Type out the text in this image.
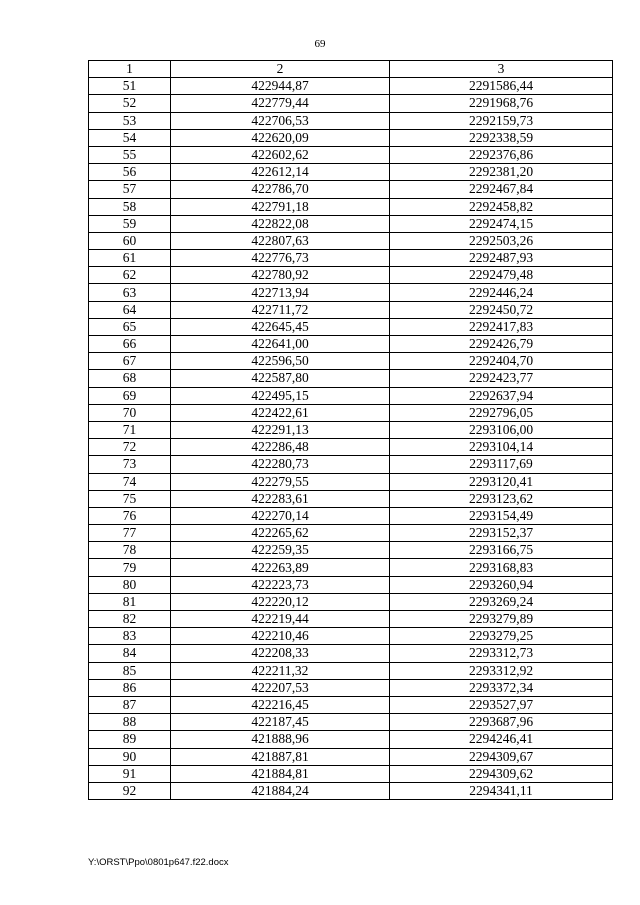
69
1	2	3
51	422944,87	2291586,44
52	422779,44	2291968,76
53	422706,53	2292159,73
54	422620,09	2292338,59
55	422602,62	2292376,86
56	422612,14	2292381,20
57	422786,70	2292467,84
58	422791,18	2292458,82
59	422822,08	2292474,15
60	422807,63	2292503,26
61	422776,73	2292487,93
62	422780,92	2292479,48
63	422713,94	2292446,24
64	422711,72	2292450,72
65	422645,45	2292417,83
66	422641,00	2292426,79
67	422596,50	2292404,70
68	422587,80	2292423,77
69	422495,15	2292637,94
70	422422,61	2292796,05
71	422291,13	2293106,00
72	422286,48	2293104,14
73	422280,73	2293117,69
74	422279,55	2293120,41
75	422283,61	2293123,62
76	422270,14	2293154,49
77	422265,62	2293152,37
78	422259,35	2293166,75
79	422263,89	2293168,83
80	422223,73	2293260,94
81	422220,12	2293269,24
82	422219,44	2293279,89
83	422210,46	2293279,25
84	422208,33	2293312,73
85	422211,32	2293312,92
86	422207,53	2293372,34
87	422216,45	2293527,97
88	422187,45	2293687,96
89	421888,96	2294246,41
90	421887,81	2294309,67
91	421884,81	2294309,62
92	421884,24	2294341,11
Y:\ORST\Ppo\0801p647.f22.docx
